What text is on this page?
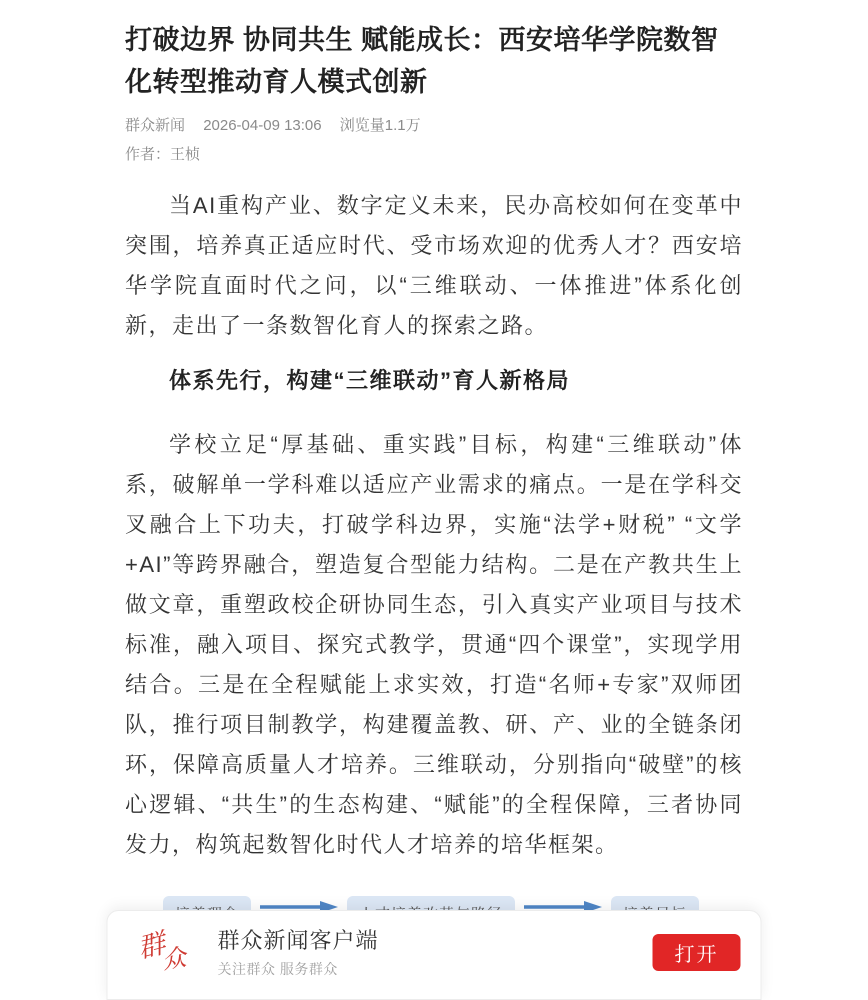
打破边界 协同共生 赋能成长：西安培华学院数智化转型推动育人模式创新
群众新闻 2026-04-09 13:06 浏览量1.1万
作者：王桢

当AI重构产业、数字定义未来，民办高校如何在变革中突围，培养真正适应时代、受市场欢迎的优秀人才？西安培华学院直面时代之问，以“三维联动、一体推进”体系化创新，走出了一条数智化育人的探索之路。

体系先行，构建“三维联动”育人新格局

学校立足“厚基础、重实践”目标，构建“三维联动”体系，破解单一学科难以适应产业需求的痛点。一是在学科交叉融合上下功夫，打破学科边界，实施“法学+财税” “文学+AI”等跨界融合，塑造复合型能力结构。二是在产教共生上做文章，重塑政校企研协同生态，引入真实产业项目与技术标准，融入项目、探究式教学，贯通“四个课堂”，实现学用结合。三是在全程赋能上求实效，打造“名师+专家”双师团队，推行项目制教学，构建覆盖教、研、产、业的全链条闭环，保障高质量人才培养。三维联动，分别指向“破壁”的核心逻辑、“共生”的生态构建、“赋能”的全程保障，三者协同发力，构筑起数智化时代人才培养的培华框架。

群
众
群众新闻客户端
关注群众 服务群众
打开
